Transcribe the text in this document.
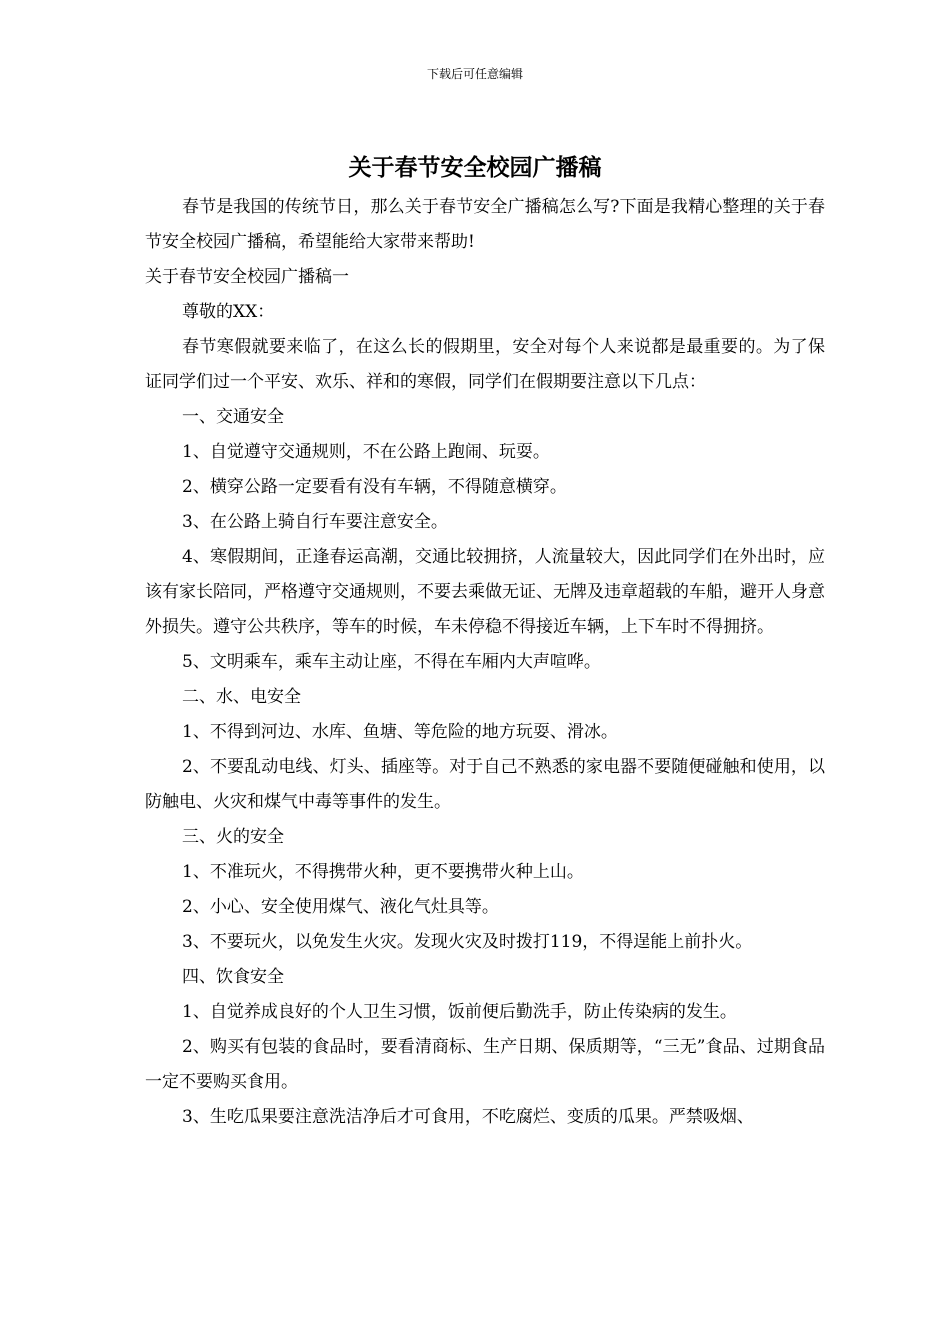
下载后可任意编辑
关于春节安全校园广播稿

春节是我国的传统节日，那么关于春节安全广播稿怎么写?下面是我精心整理的关于春节安全校园广播稿，希望能给大家带来帮助!

关于春节安全校园广播稿一

尊敬的XX：

春节寒假就要来临了，在这么长的假期里，安全对每个人来说都是最重要的。为了保证同学们过一个平安、欢乐、祥和的寒假，同学们在假期要注意以下几点：

一、交通安全

1、自觉遵守交通规则，不在公路上跑闹、玩耍。

2、横穿公路一定要看有没有车辆，不得随意横穿。

3、在公路上骑自行车要注意安全。

4、寒假期间，正逢春运高潮，交通比较拥挤，人流量较大，因此同学们在外出时，应该有家长陪同，严格遵守交通规则，不要去乘做无证、无牌及违章超载的车船，避开人身意外损失。遵守公共秩序，等车的时候，车未停稳不得接近车辆，上下车时不得拥挤。

5、文明乘车，乘车主动让座，不得在车厢内大声喧哗。

二、水、电安全

1、不得到河边、水库、鱼塘、等危险的地方玩耍、滑冰。

2、不要乱动电线、灯头、插座等。对于自己不熟悉的家电器不要随便碰触和使用，以防触电、火灾和煤气中毒等事件的发生。

三、火的安全

1、不准玩火，不得携带火种，更不要携带火种上山。

2、小心、安全使用煤气、液化气灶具等。

3、不要玩火，以免发生火灾。发现火灾及时拨打119，不得逞能上前扑火。

四、饮食安全

1、自觉养成良好的个人卫生习惯，饭前便后勤洗手，防止传染病的发生。

2、购买有包装的食品时，要看清商标、生产日期、保质期等，“三无”食品、过期食品一定不要购买食用。

3、生吃瓜果要注意洗洁净后才可食用，不吃腐烂、变质的瓜果。严禁吸烟、
